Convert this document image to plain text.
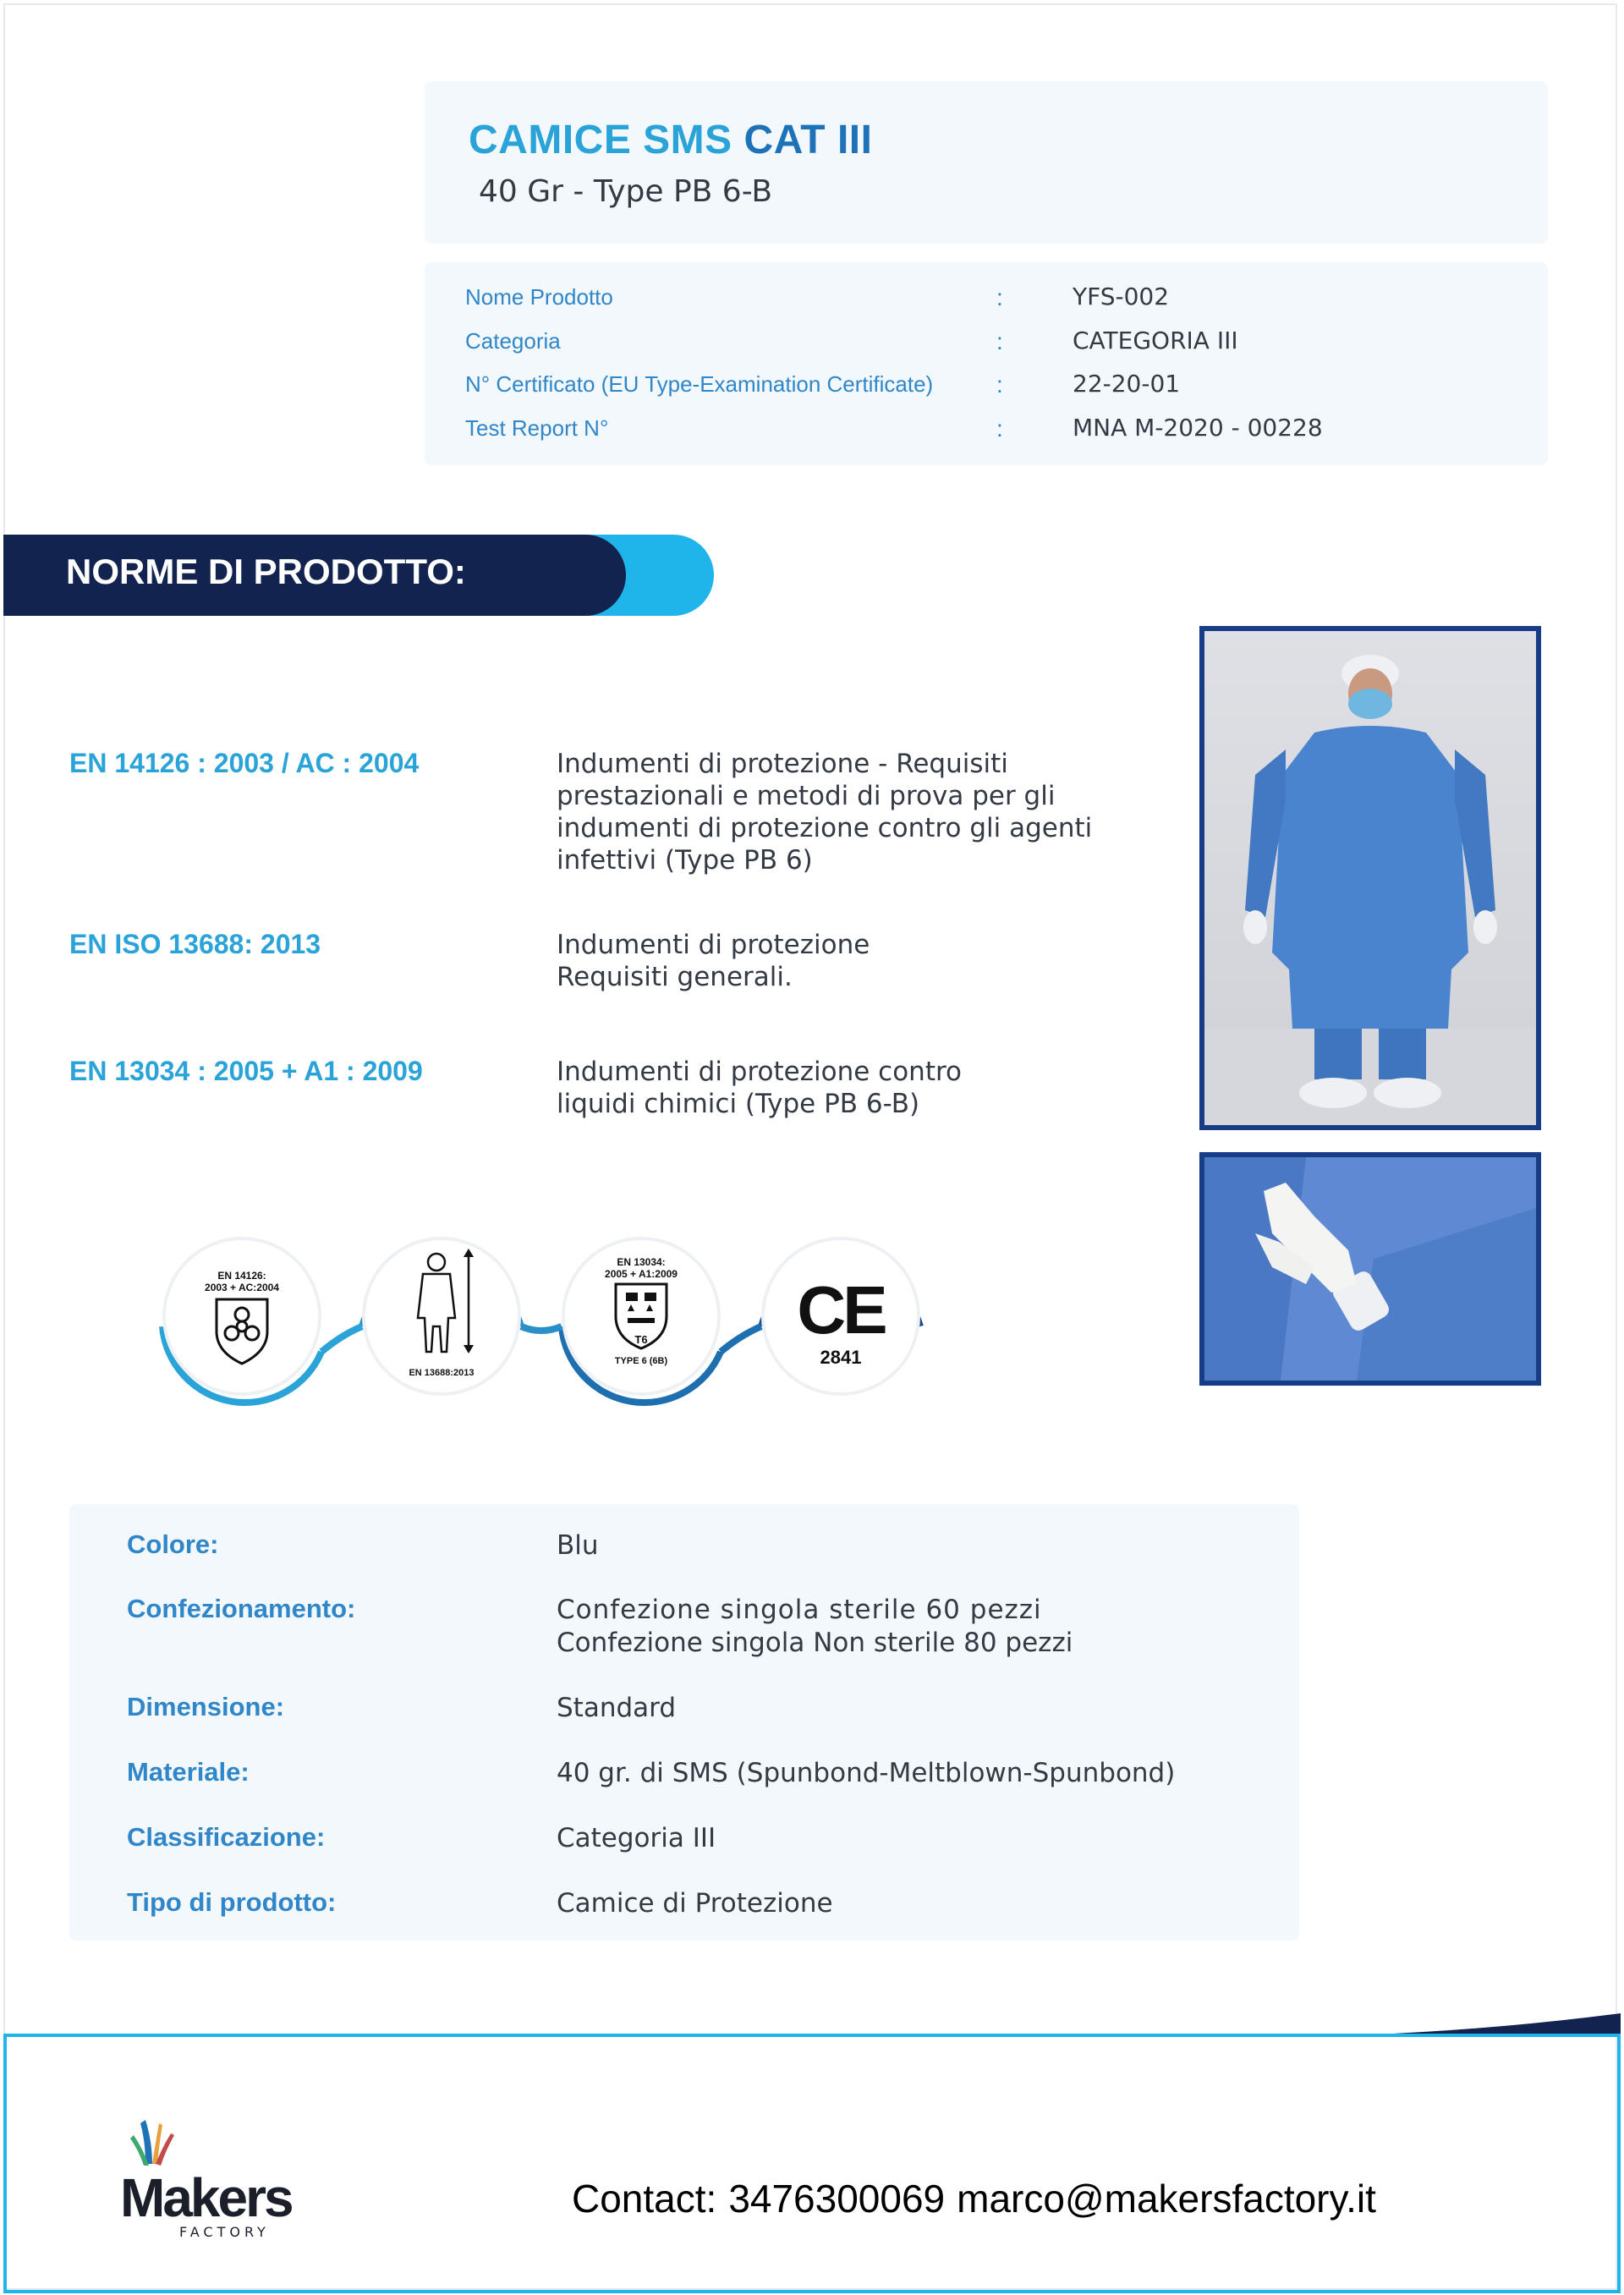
CAMICE SMS CAT III
40 Gr - Type PB 6-B
Nome Prodotto	:	YFS-002
Categoria	:	CATEGORIA III
N° Certificato (EU Type-Examination Certificate)	:	22-20-01
Test Report N°	:	MNA M-2020 - 00228
NORME DI PRODOTTO:
EN 14126 : 2003 / AC : 2004	Indumenti di protezione - Requisiti
prestazionali e metodi di prova per gli
indumenti di protezione contro gli agenti
infettivi (Type PB 6)
EN ISO 13688: 2013	Indumenti di protezione
Requisiti generali.
EN 13034 : 2005 + A1 : 2009	Indumenti di protezione contro
liquidi chimici (Type PB 6-B)
EN 14126:
2003 + AC:2004
EN 13688:2013
EN 13034:
2005 + A1:2009
T6
TYPE 6 (6B)
CE
2841
Colore:	Blu
Confezionamento:	Confezione singola sterile 60 pezzi
Confezione singola Non sterile 80 pezzi
Dimensione:	Standard
Materiale:	40 gr. di SMS (Spunbond-Meltblown-Spunbond)
Classificazione:	Categoria III
Tipo di prodotto:	Camice di Protezione
Makers
FACTORY
Contact: 3476300069 marco@makersfactory.it
